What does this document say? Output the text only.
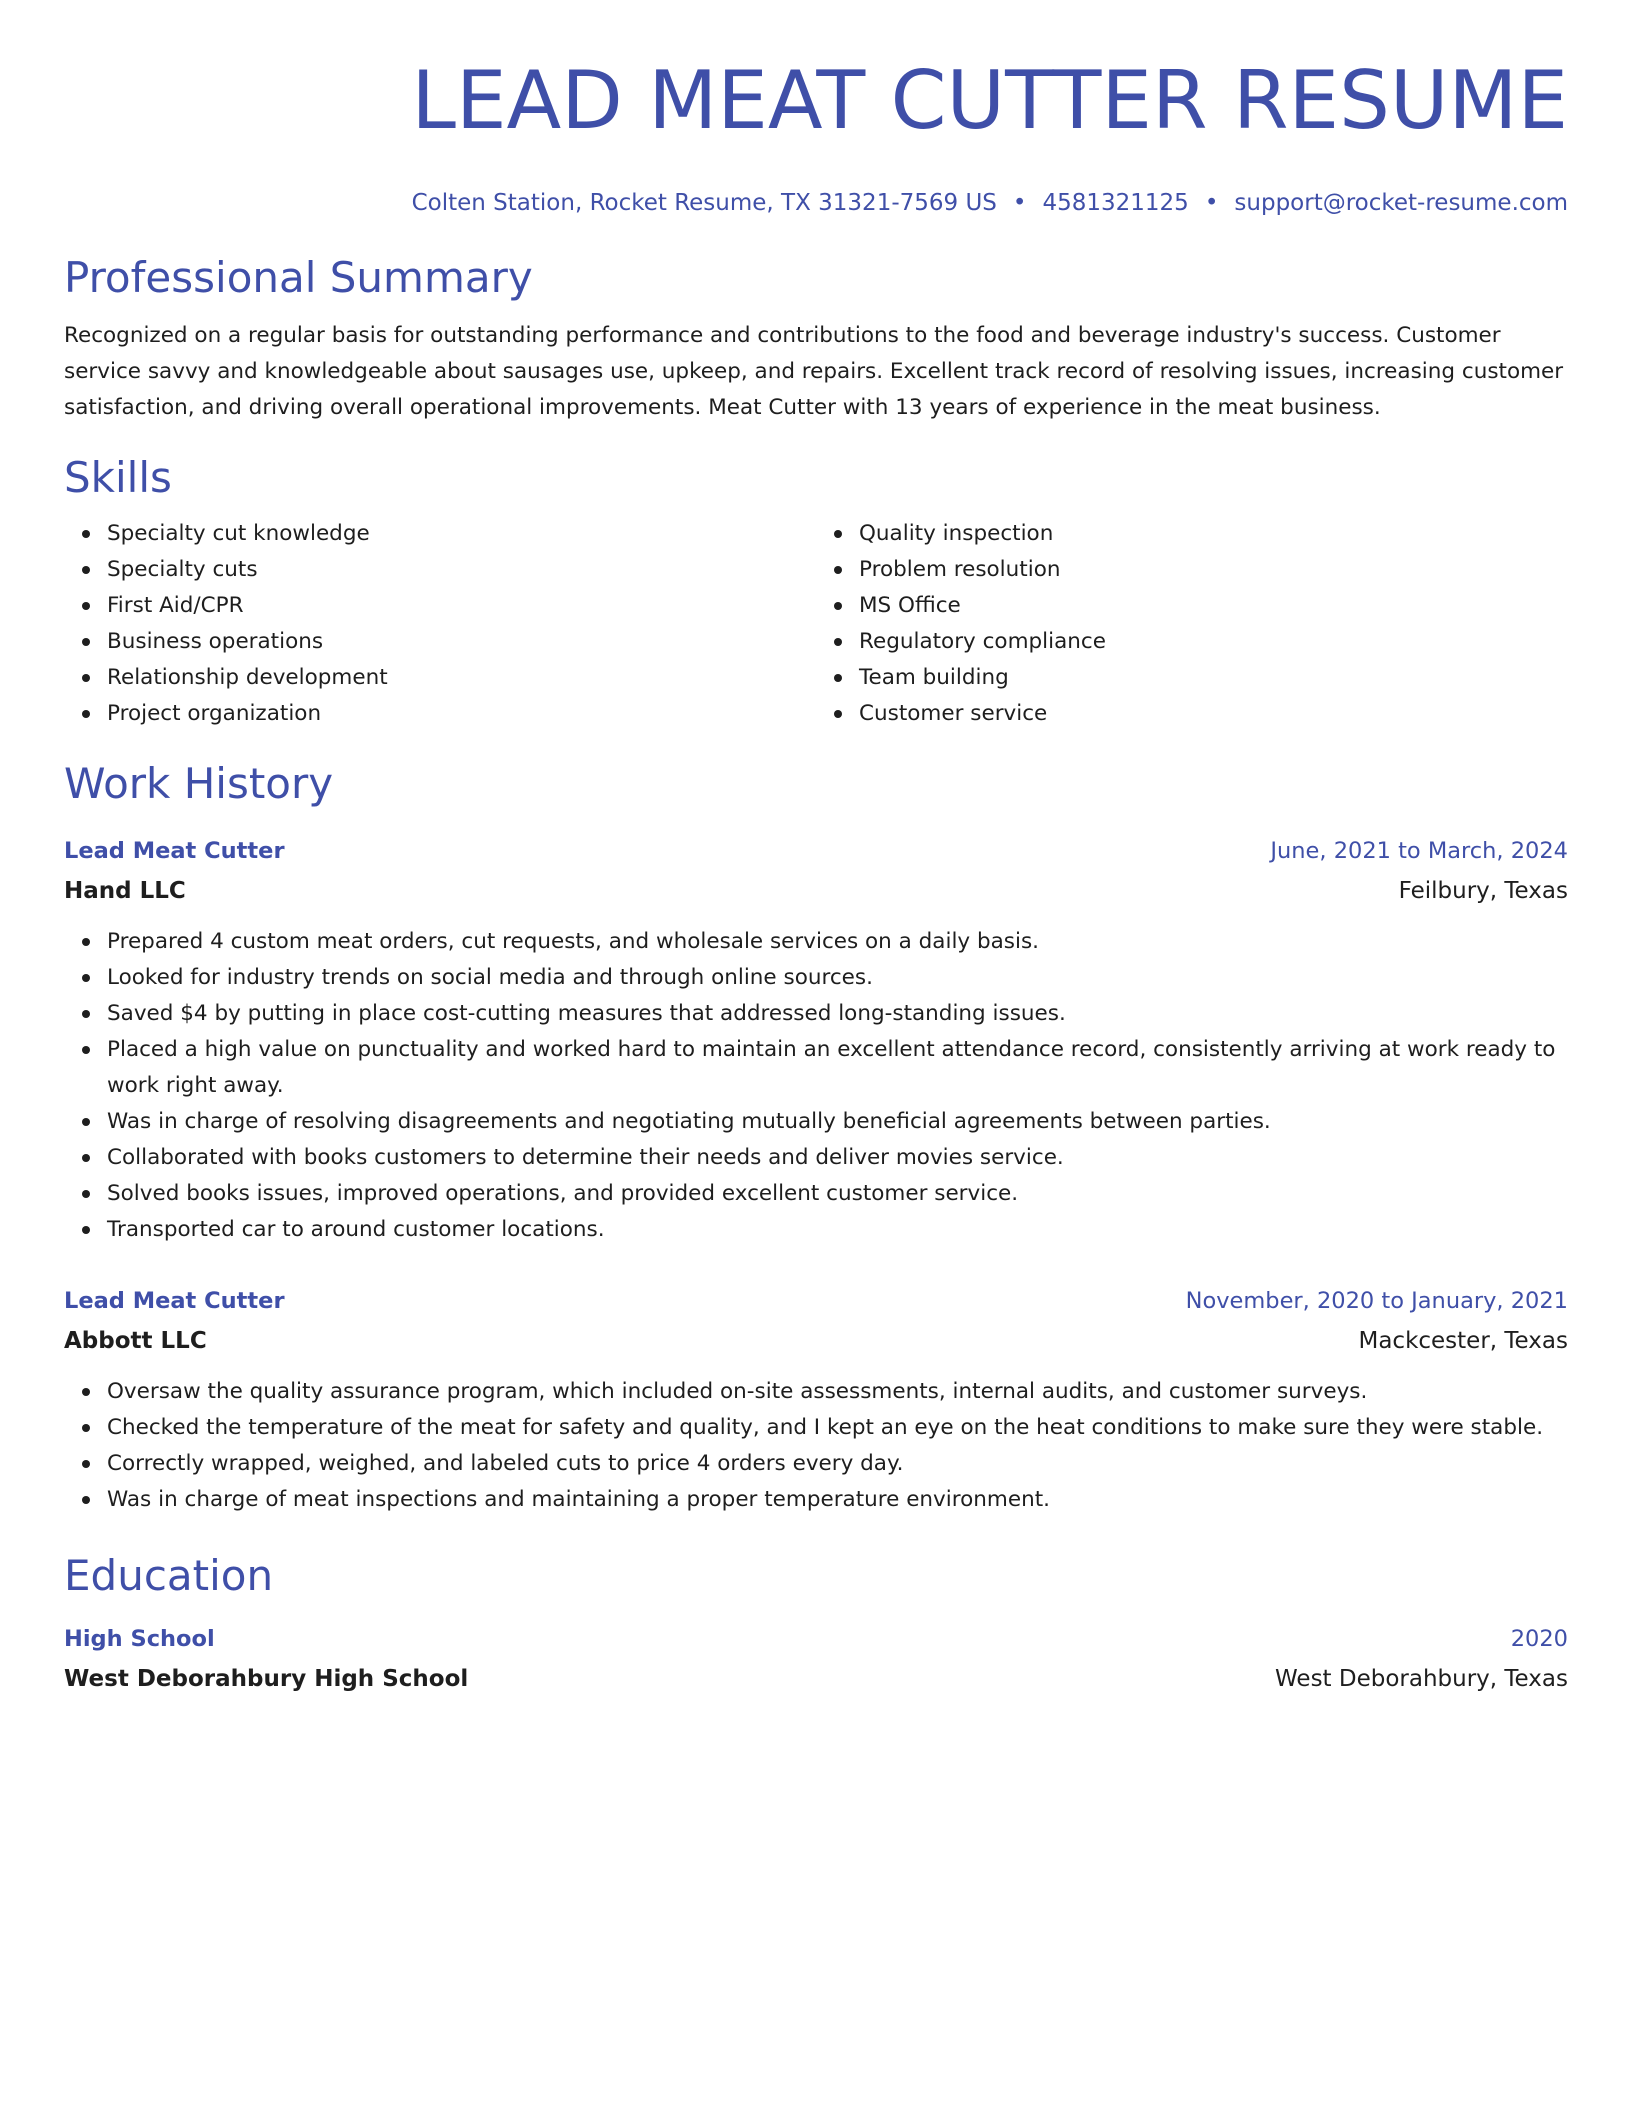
LEAD MEAT CUTTER RESUME
Colten Station, Rocket Resume, TX 31321-7569 US • 4581321125 • support@rocket-resume.com
Professional Summary
Recognized on a regular basis for outstanding performance and contributions to the food and beverage industry's success. Customer service savvy and knowledgeable about sausages use, upkeep, and repairs. Excellent track record of resolving issues, increasing customer satisfaction, and driving overall operational improvements. Meat Cutter with 13 years of experience in the meat business.
Skills
Specialty cut knowledge
Specialty cuts
First Aid/CPR
Business operations
Relationship development
Project organization
Quality inspection
Problem resolution
MS Office
Regulatory compliance
Team building
Customer service
Work History
Lead Meat Cutter	June, 2021 to March, 2024
Hand LLC	Feilbury, Texas
Prepared 4 custom meat orders, cut requests, and wholesale services on a daily basis.
Looked for industry trends on social media and through online sources.
Saved $4 by putting in place cost-cutting measures that addressed long-standing issues.
Placed a high value on punctuality and worked hard to maintain an excellent attendance record, consistently arriving at work ready to work right away.
Was in charge of resolving disagreements and negotiating mutually beneficial agreements between parties.
Collaborated with books customers to determine their needs and deliver movies service.
Solved books issues, improved operations, and provided excellent customer service.
Transported car to around customer locations.
Lead Meat Cutter	November, 2020 to January, 2021
Abbott LLC	Mackcester, Texas
Oversaw the quality assurance program, which included on-site assessments, internal audits, and customer surveys.
Checked the temperature of the meat for safety and quality, and I kept an eye on the heat conditions to make sure they were stable.
Correctly wrapped, weighed, and labeled cuts to price 4 orders every day.
Was in charge of meat inspections and maintaining a proper temperature environment.
Education
High School	2020
West Deborahbury High School	West Deborahbury, Texas
